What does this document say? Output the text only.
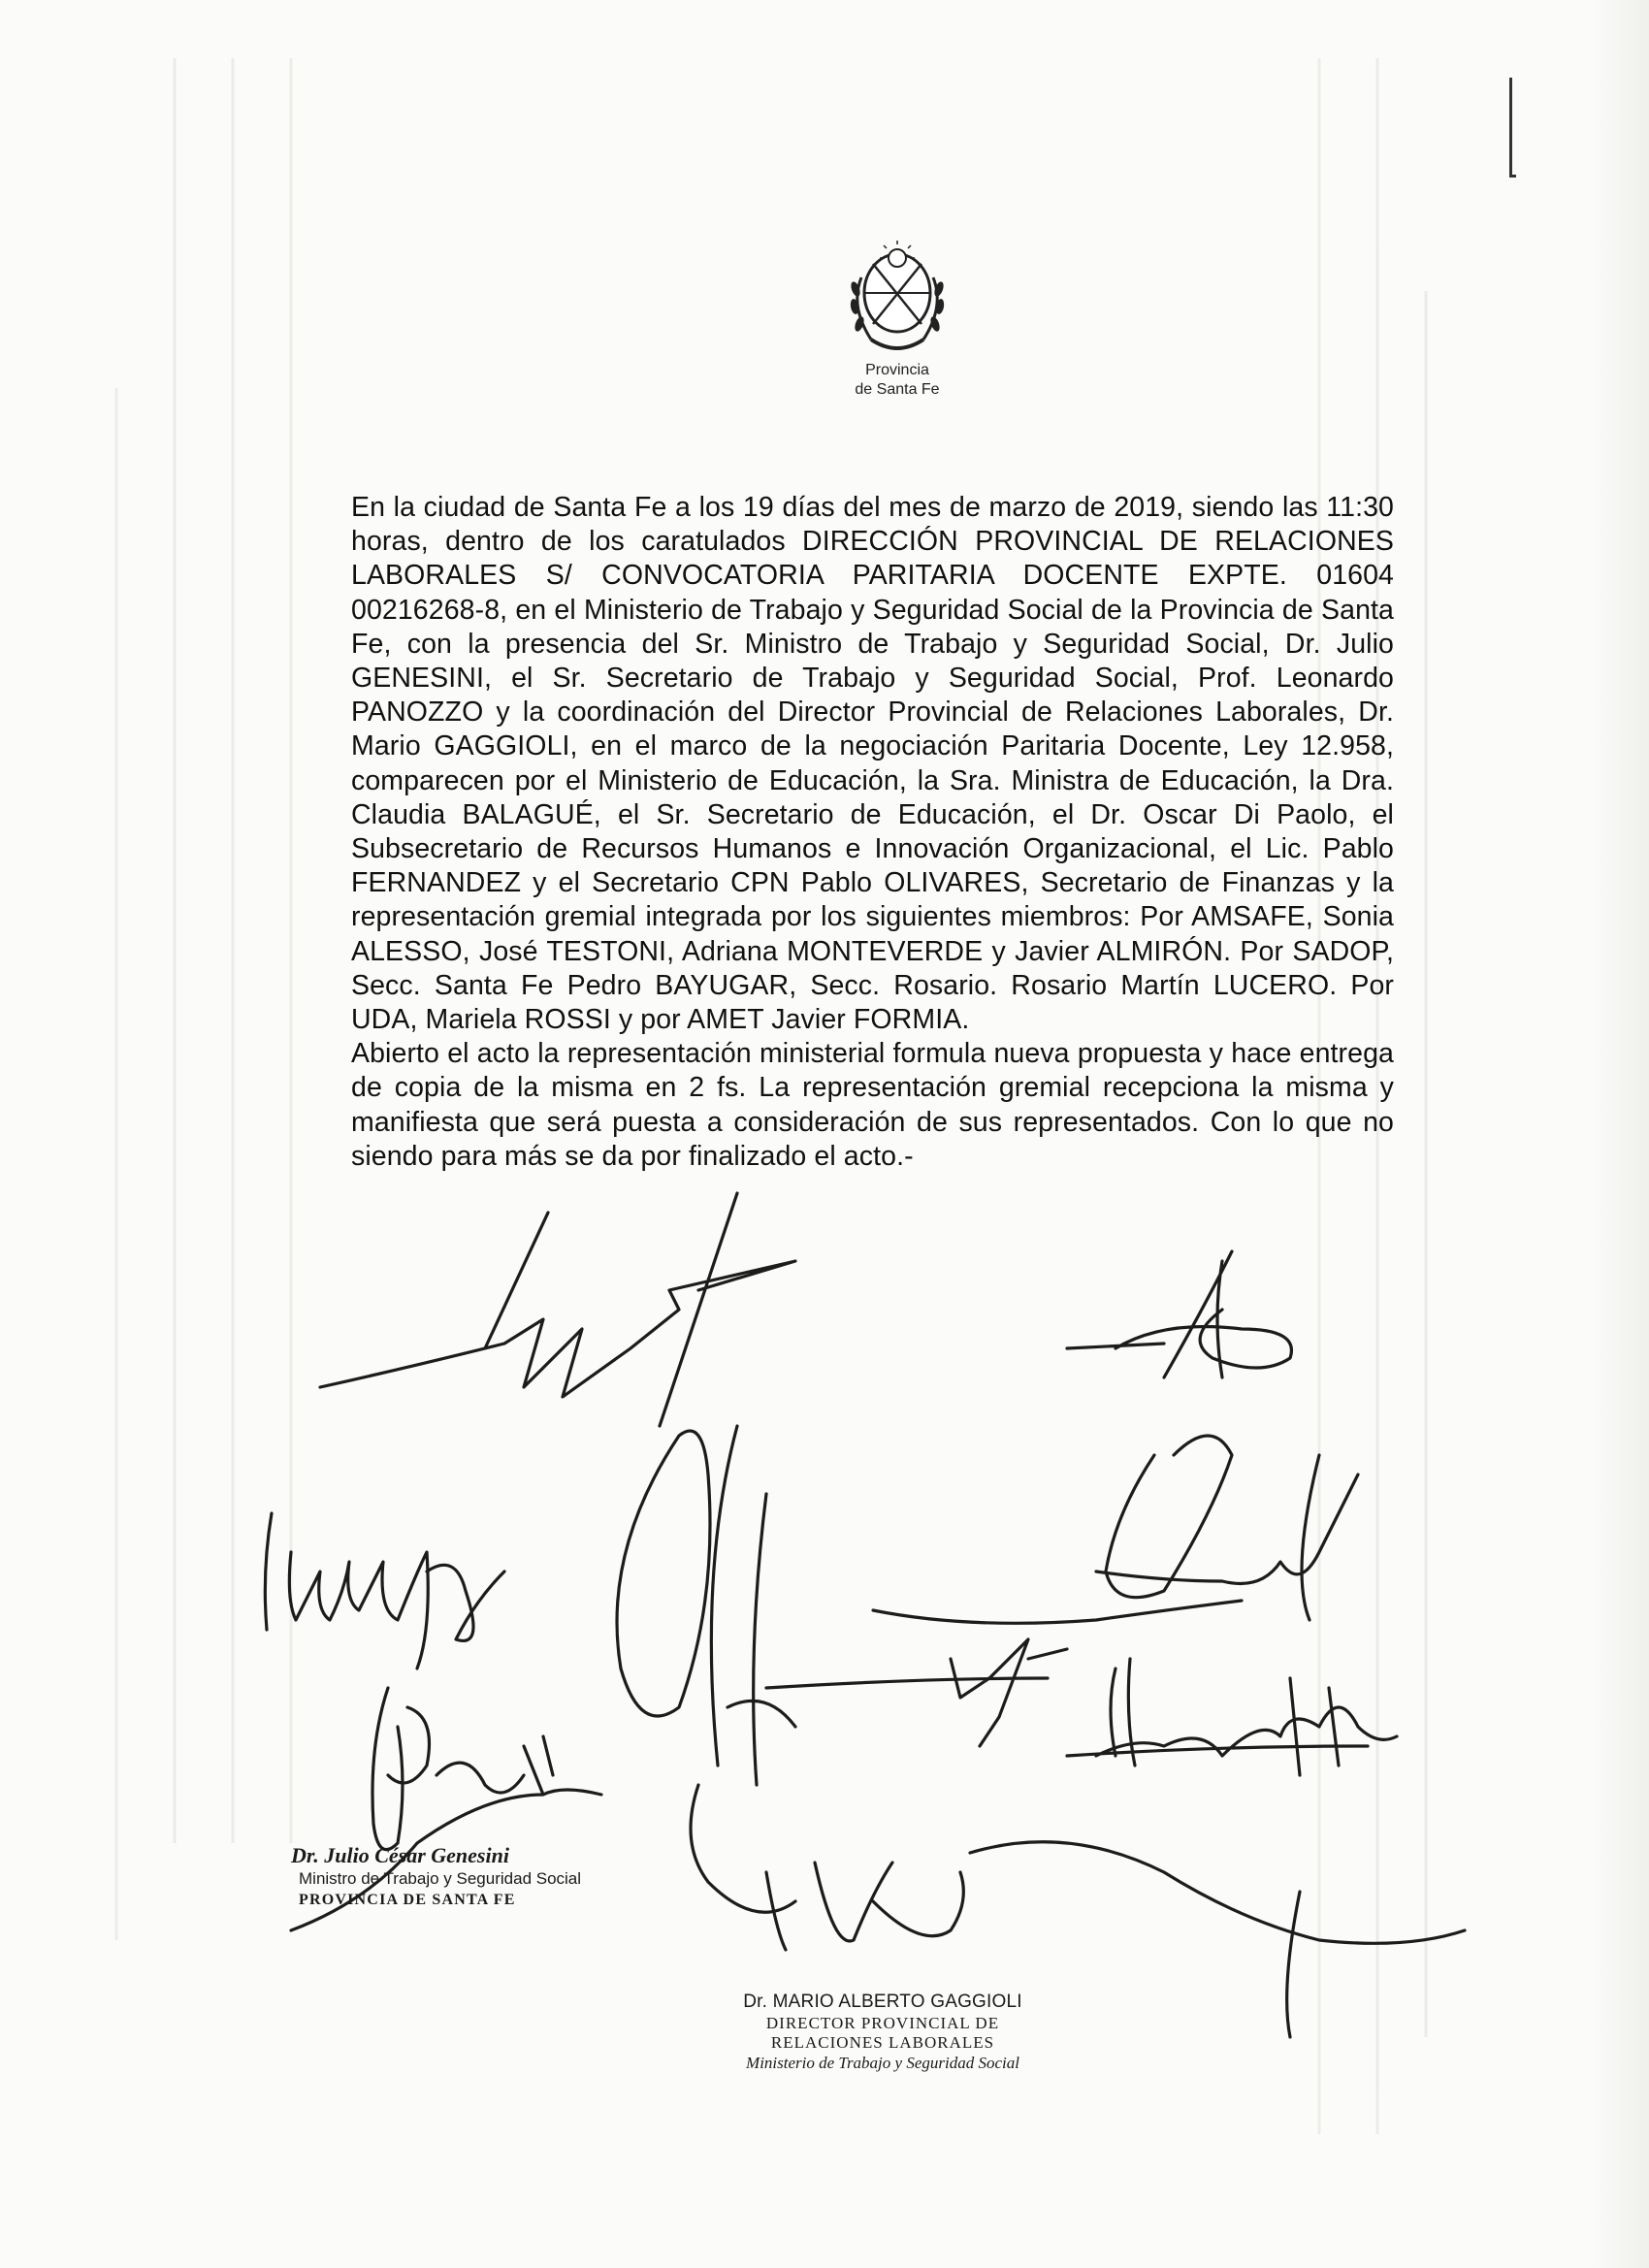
Provincia
de Santa Fe

En la ciudad de Santa Fe a los 19 días del mes de marzo de 2019, siendo las 11:30 horas, dentro de los caratulados DIRECCIÓN PROVINCIAL DE RELACIONES LABORALES S/ CONVOCATORIA PARITARIA DOCENTE EXPTE. 01604 00216268-8, en el Ministerio de Trabajo y Seguridad Social de la Provincia de Santa Fe, con la presencia del Sr. Ministro de Trabajo y Seguridad Social, Dr. Julio GENESINI, el Sr. Secretario de Trabajo y Seguridad Social, Prof. Leonardo PANOZZO y la coordinación del Director Provincial de Relaciones Laborales, Dr. Mario GAGGIOLI, en el marco de la negociación Paritaria Docente, Ley 12.958, comparecen por el Ministerio de Educación, la Sra. Ministra de Educación, la Dra. Claudia BALAGUÉ, el Sr. Secretario de Educación, el Dr. Oscar Di Paolo, el Subsecretario de Recursos Humanos e Innovación Organizacional, el Lic. Pablo FERNANDEZ y el Secretario CPN Pablo OLIVARES, Secretario de Finanzas y la representación gremial integrada por los siguientes miembros: Por AMSAFE, Sonia ALESSO, José TESTONI, Adriana MONTEVERDE y Javier ALMIRÓN. Por SADOP, Secc. Santa Fe Pedro BAYUGAR, Secc. Rosario. Rosario Martín LUCERO. Por UDA, Mariela ROSSI y por AMET Javier FORMIA.

Abierto el acto la representación ministerial formula nueva propuesta y hace entrega de copia de la misma en 2 fs. La representación gremial recepciona la misma y manifiesta que será puesta a consideración de sus representados. Con lo que no siendo para más se da por finalizado el acto.-

Dr. Julio César Genesini
Ministro de Trabajo y Seguridad Social
PROVINCIA DE SANTA FE
Dr. MARIO ALBERTO GAGGIOLI
DIRECTOR PROVINCIAL DE
RELACIONES LABORALES
Ministerio de Trabajo y Seguridad Social
